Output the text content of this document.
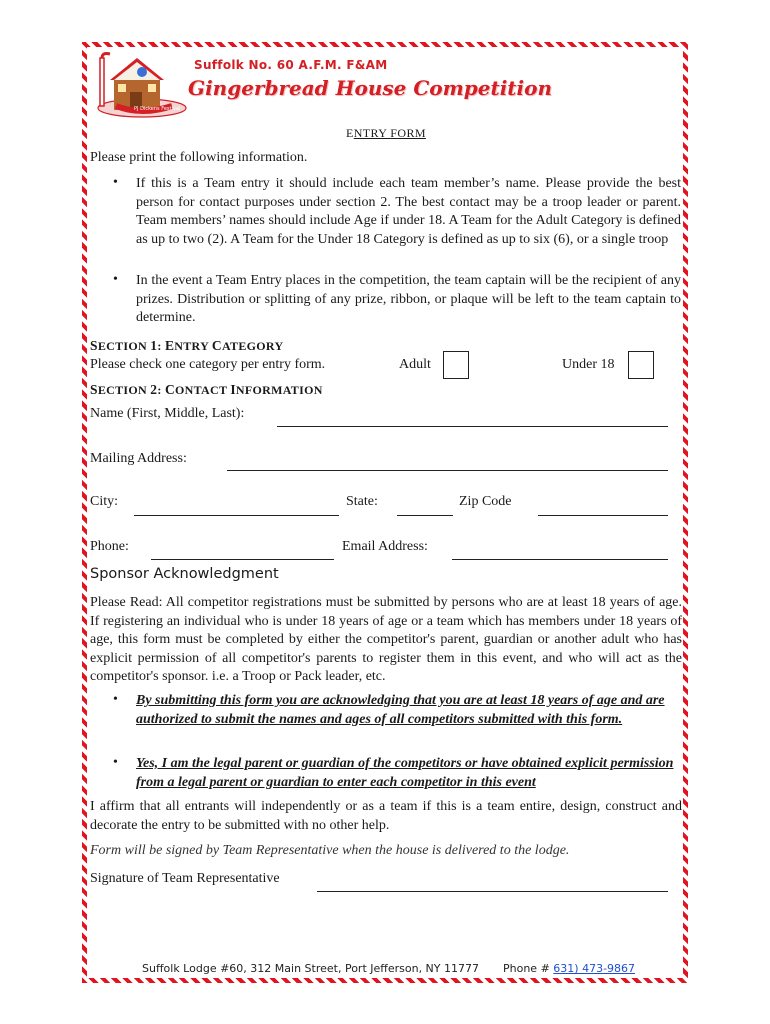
PJ Dickens Festival
Suffolk No. 60 A.F.M. F&AM
Gingerbread House Competition
ENTRY FORM
Please print the following information.
• If this is a Team entry it should include each team member’s name. Please provide the best person for contact purposes under section 2. The best contact may be a troop leader or parent. Team members’ names should include Age if under 18. A Team for the Adult Category is defined as up to two (2). A Team for the Under 18 Category is defined as up to six (6), or a single troop
• In the event a Team Entry places in the competition, the team captain will be the recipient of any prizes. Distribution or splitting of any prize, ribbon, or plaque will be left to the team captain to determine.
SECTION 1: ENTRY CATEGORY
Please check one category per entry form.	Adult	Under 18
SECTION 2: CONTACT INFORMATION
Name (First, Middle, Last):
Mailing Address:
City:	State:	Zip Code
Phone:	Email Address:
Sponsor Acknowledgment
Please Read: All competitor registrations must be submitted by persons who are at least 18 years of age. If registering an individual who is under 18 years of age or a team which has members under 18 years of age, this form must be completed by either the competitor's parent, guardian or another adult who has explicit permission of all competitor's parents to register them in this event, and who will act as the competitor's sponsor. i.e. a Troop or Pack leader, etc.
• By submitting this form you are acknowledging that you are at least 18 years of age and are authorized to submit the names and ages of all competitors submitted with this form.
• Yes, I am the legal parent or guardian of the competitors or have obtained explicit permission from a legal parent or guardian to enter each competitor in this event
I affirm that all entrants will independently or as a team if this is a team entire, design, construct and decorate the entry to be submitted with no other help.
Form will be signed by Team Representative when the house is delivered to the lodge.
Signature of Team Representative
Suffolk Lodge #60, 312 Main Street, Port Jefferson, NY 11777 Phone # 631) 473-9867
